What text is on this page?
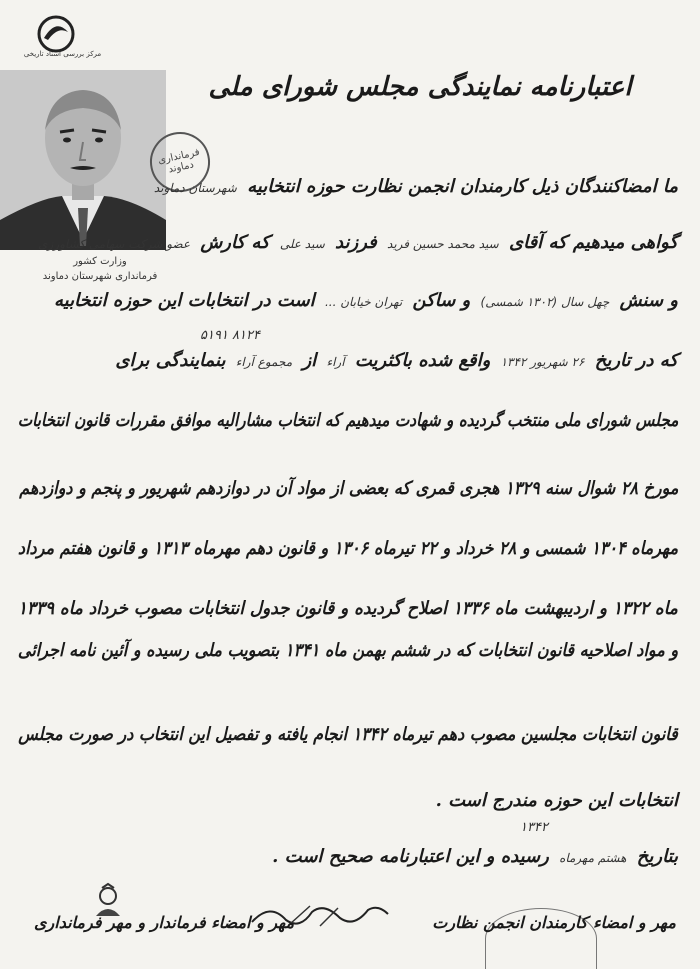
مرکز بررسی اسناد تاریخی
فرمانداری دماوند
وزارت کشور
فرمانداری شهرستان دماوند
اعتبارنامه نمایندگی مجلس شورای ملی
ما امضاکنندگان ذیل کارمندان انجمن نظارت حوزه انتخابیه شهرستان دماوند
گواهی میدهیم که آقای سید محمد حسین فرید فرزند سید علی که کارش عضو شرکت سهامی کشاورزی
و سنش چهل سال (۱۳۰۲ شمسی) و ساکن تهران خیابان ... است در انتخابات این حوزه انتخابیه
۵۱۹۱ ۸۱۲۴
که در تاریخ ۲۶ شهریور ۱۳۴۲ واقع شده باکثریت آراء از مجموع آراء بنمایندگی برای
مجلس شورای ملی منتخب گردیده و شهادت میدهیم که انتخاب مشارالیه موافق مقررات قانون انتخابات
مورخ ۲۸ شوال سنه ۱۳۲۹ هجری قمری که بعضی از مواد آن در دوازدهم شهریور و پنجم و دوازدهم
مهرماه ۱۳۰۴ شمسی و ۲۸ خرداد و ۲۲ تیرماه ۱۳۰۶ و قانون دهم مهرماه ۱۳۱۳ و قانون هفتم مرداد
ماه ۱۳۲۲ و اردیبهشت ماه ۱۳۳۶ اصلاح گردیده و قانون جدول انتخابات مصوب خرداد ماه ۱۳۳۹
و مواد اصلاحیه قانون انتخابات که در ششم بهمن ماه ۱۳۴۱ بتصویب ملی رسیده و آئین نامه اجرائی
قانون انتخابات مجلسین مصوب دهم تیرماه ۱۳۴۲ انجام یافته و تفصیل این انتخاب در صورت مجلس
انتخابات این حوزه مندرج است .
۱۳۴۲
بتاریخ هشتم مهرماه رسیده و این اعتبارنامه صحیح است .
مهر و امضاء فرماندار و مهر فرمانداری	مهر و امضاء کارمندان انجمن نظارت
